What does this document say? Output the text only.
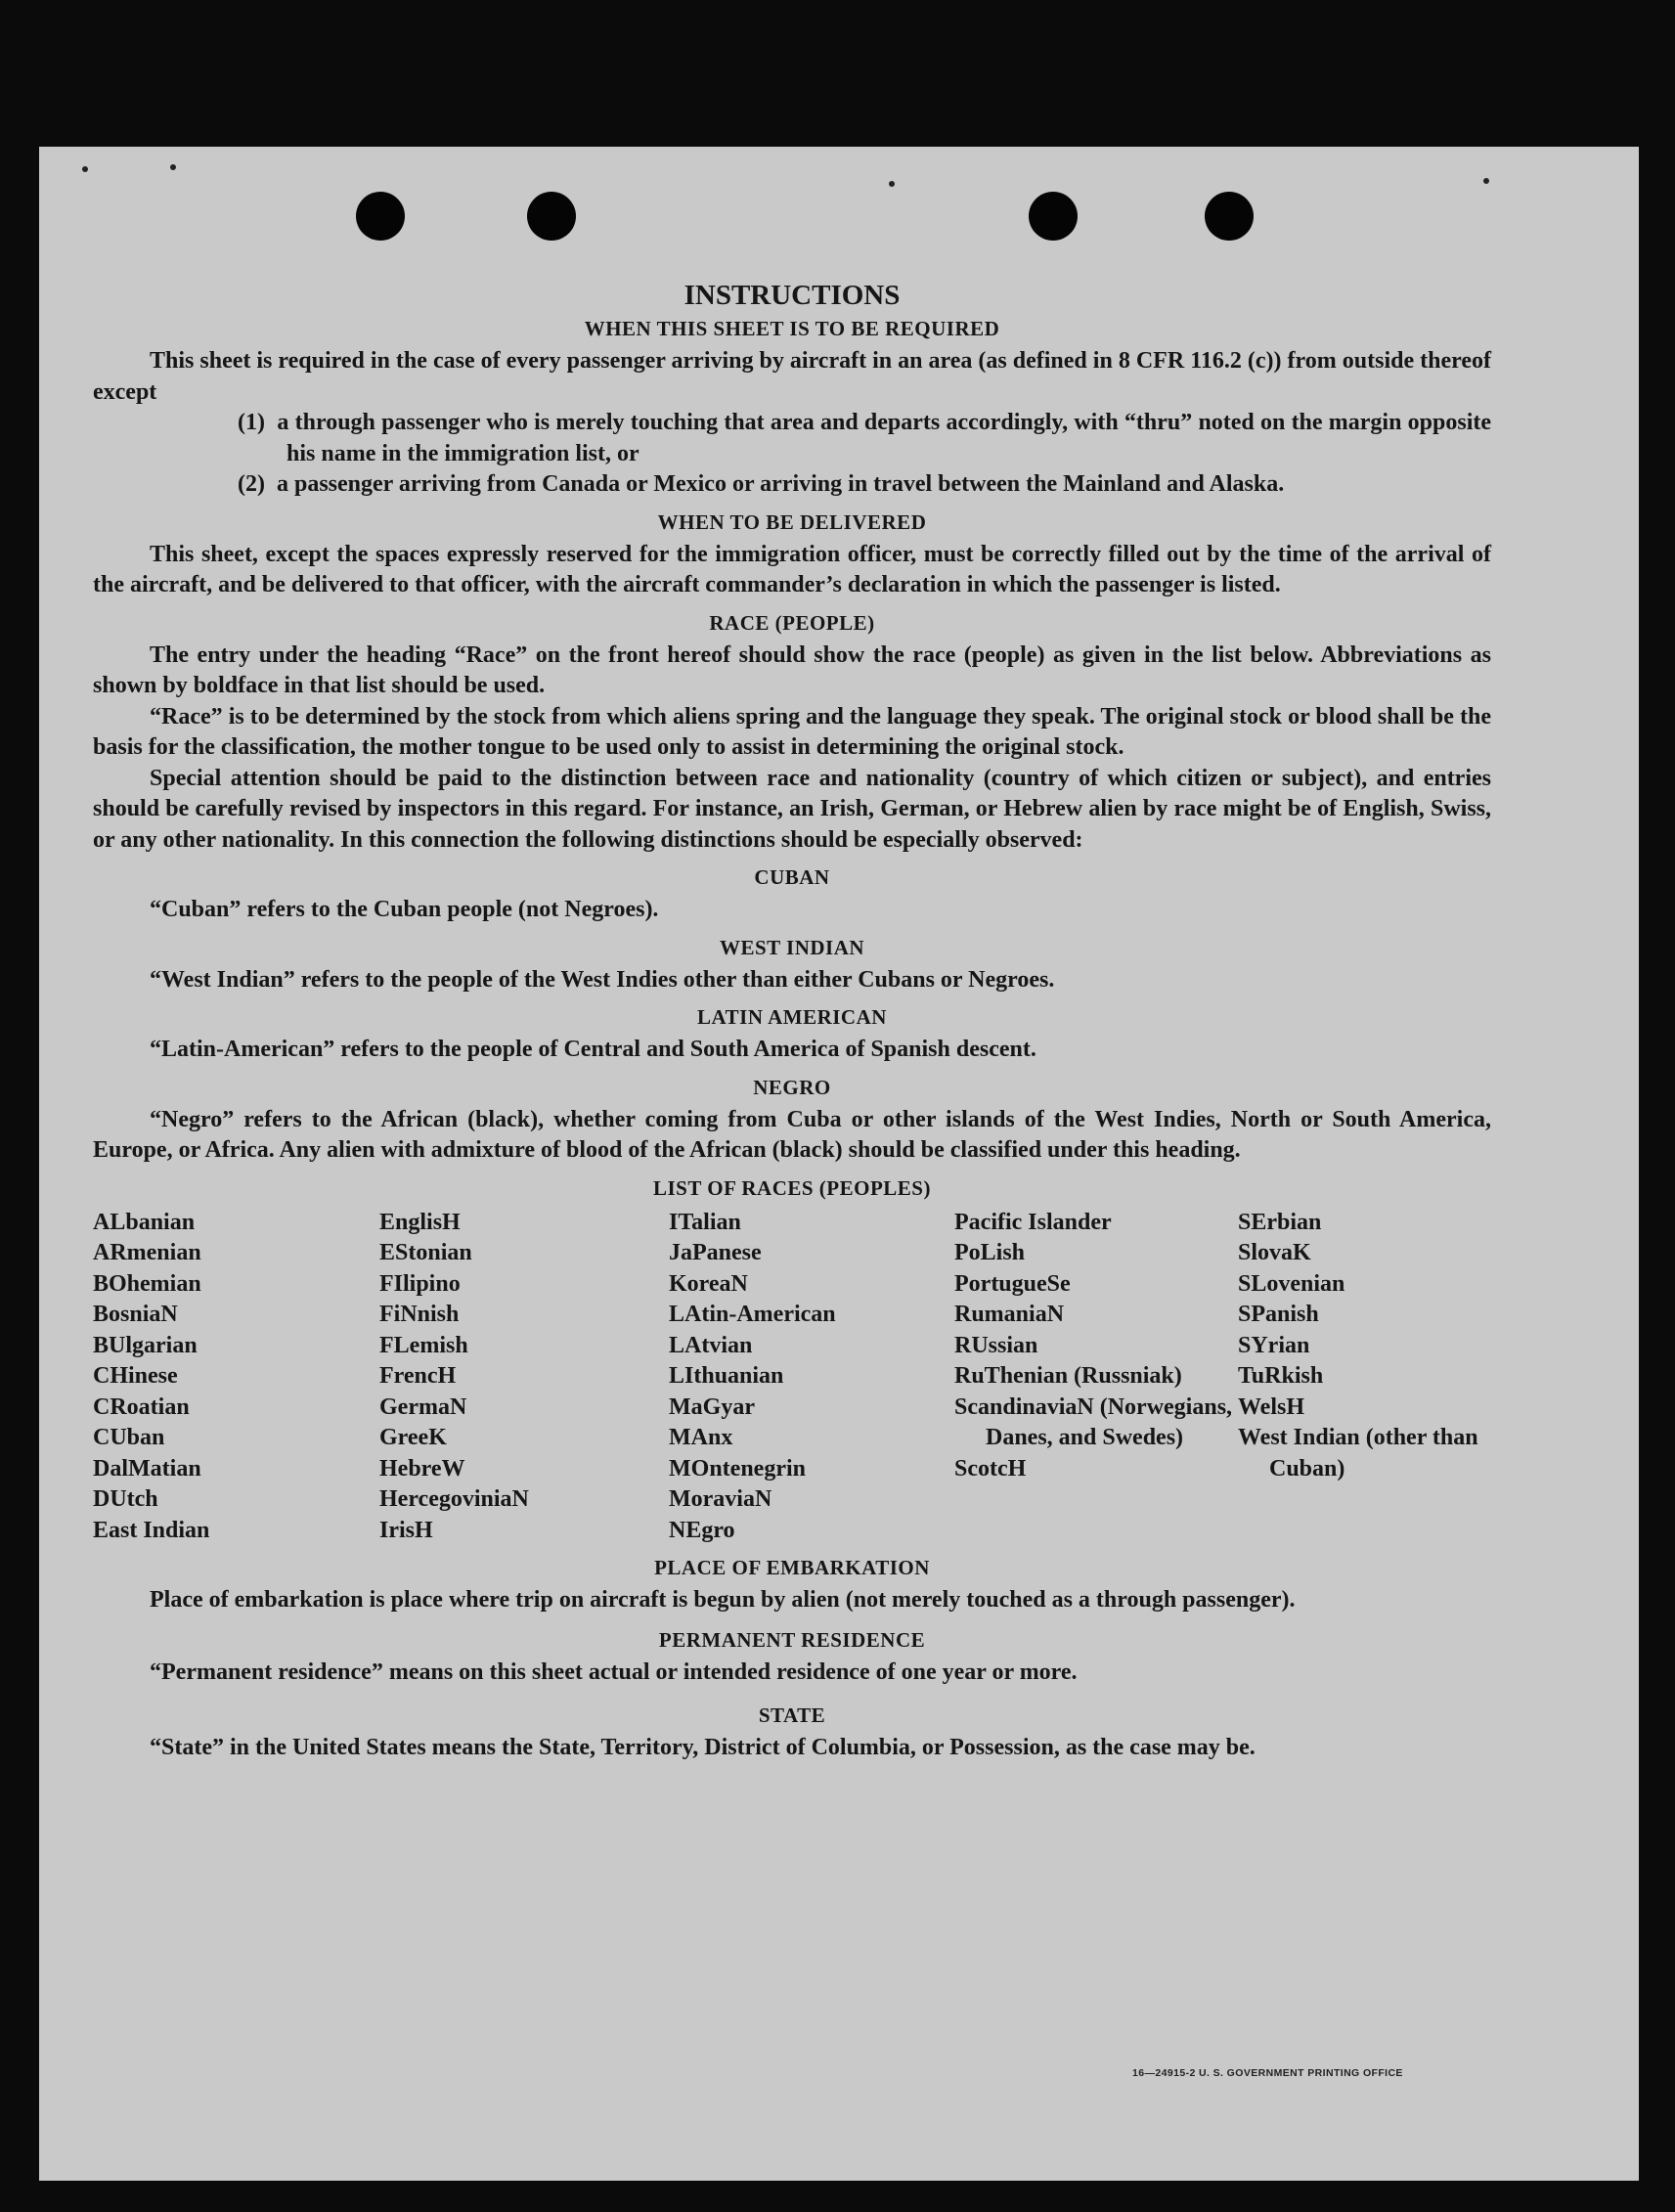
INSTRUCTIONS
WHEN THIS SHEET IS TO BE REQUIRED

This sheet is required in the case of every passenger arriving by aircraft in an area (as defined in 8 CFR 116.2 (c)) from outside thereof except

(1) a through passenger who is merely touching that area and departs accordingly, with “thru” noted on the margin opposite his name in the immigration list, or

(2) a passenger arriving from Canada or Mexico or arriving in travel between the Mainland and Alaska.

WHEN TO BE DELIVERED

This sheet, except the spaces expressly reserved for the immigration officer, must be correctly filled out by the time of the arrival of the aircraft, and be delivered to that officer, with the aircraft commander’s declaration in which the passenger is listed.

RACE (PEOPLE)

The entry under the heading “Race” on the front hereof should show the race (people) as given in the list below. Abbreviations as shown by boldface in that list should be used.

“Race” is to be determined by the stock from which aliens spring and the language they speak. The original stock or blood shall be the basis for the classification, the mother tongue to be used only to assist in determining the original stock.

Special attention should be paid to the distinction between race and nationality (country of which citizen or subject), and entries should be carefully revised by inspectors in this regard. For instance, an Irish, German, or Hebrew alien by race might be of English, Swiss, or any other nationality. In this connection the following distinctions should be especially observed:

CUBAN

“Cuban” refers to the Cuban people (not Negroes).

WEST INDIAN

“West Indian” refers to the people of the West Indies other than either Cubans or Negroes.

LATIN AMERICAN

“Latin-American” refers to the people of Central and South America of Spanish descent.

NEGRO

“Negro” refers to the African (black), whether coming from Cuba or other islands of the West Indies, North or South America, Europe, or Africa. Any alien with admixture of blood of the African (black) should be classified under this heading.

LIST OF RACES (PEOPLES)
ALbanian
ARmenian
BOhemian
BosniaN
BUlgarian
CHinese
CRoatian
CUban
DalMatian
DUtch
East Indian
EnglisH
EStonian
FIlipino
FiNnish
FLemish
FrencH
GermaN
GreeK
HebreW
HercegoviniaN
IrisH
ITalian
JaPanese
KoreaN
LAtin-American
LAtvian
LIthuanian
MaGyar
MAnx
MOntenegrin
MoraviaN
NEgro
Pacific Islander
PoLish
PortugueSe
RumaniaN
RUssian
RuThenian (Russniak)
ScandinaviaN (Norwegians, Danes, and Swedes)
ScotcH
SErbian
SlovaK
SLovenian
SPanish
SYrian
TuRkish
WelsH
West Indian (other than Cuban)
PLACE OF EMBARKATION

Place of embarkation is place where trip on aircraft is begun by alien (not merely touched as a through passenger).

PERMANENT RESIDENCE

“Permanent residence” means on this sheet actual or intended residence of one year or more.

STATE

“State” in the United States means the State, Territory, District of Columbia, or Possession, as the case may be.

16—24915-2 U. S. GOVERNMENT PRINTING OFFICE
